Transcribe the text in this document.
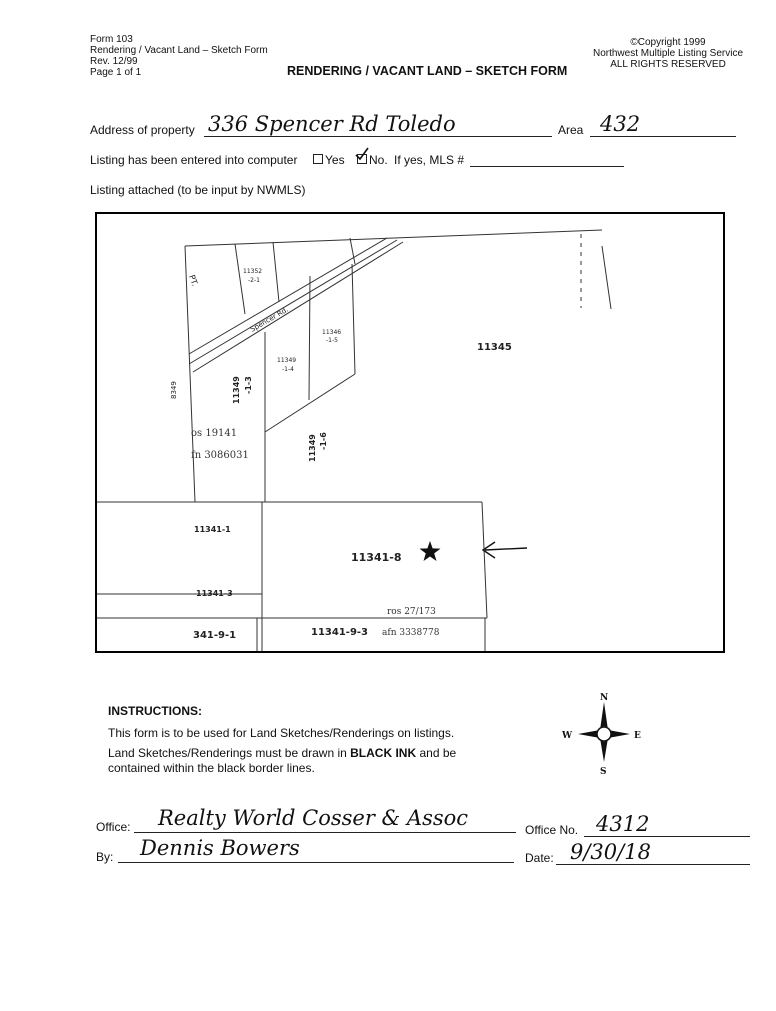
Form 103
Rendering / Vacant Land – Sketch Form
Rev. 12/99
Page 1 of 1	RENDERING / VACANT LAND – SKETCH FORM
©Copyright 1999
Northwest Multiple Listing Service
ALL RIGHTS RESERVED
Address of property 336 Spencer Rd Toledo	Area 432
Listing has been entered into computer Yes No. If yes, MLS #
Listing attached (to be input by NWMLS)
11352
-2-1
11346
-1-5
11345
11349
-1-4
11349 -1-3
11349 -1-6
11341-1
11341-8
11341-3
341-9-1	11341-9-3
PT.
8349
Spencer Rd.
os 19141
fn 3086031
ros 27/173
afn 3338778
INSTRUCTIONS:
This form is to be used for Land Sketches/Renderings on listings.
Land Sketches/Renderings must be drawn in BLACK INK and be
contained within the black border lines.
N
S
E
W
Office: Realty World Cosser & Assoc	Office No. 4312
By: Dennis Bowers	Date: 9/30/18
